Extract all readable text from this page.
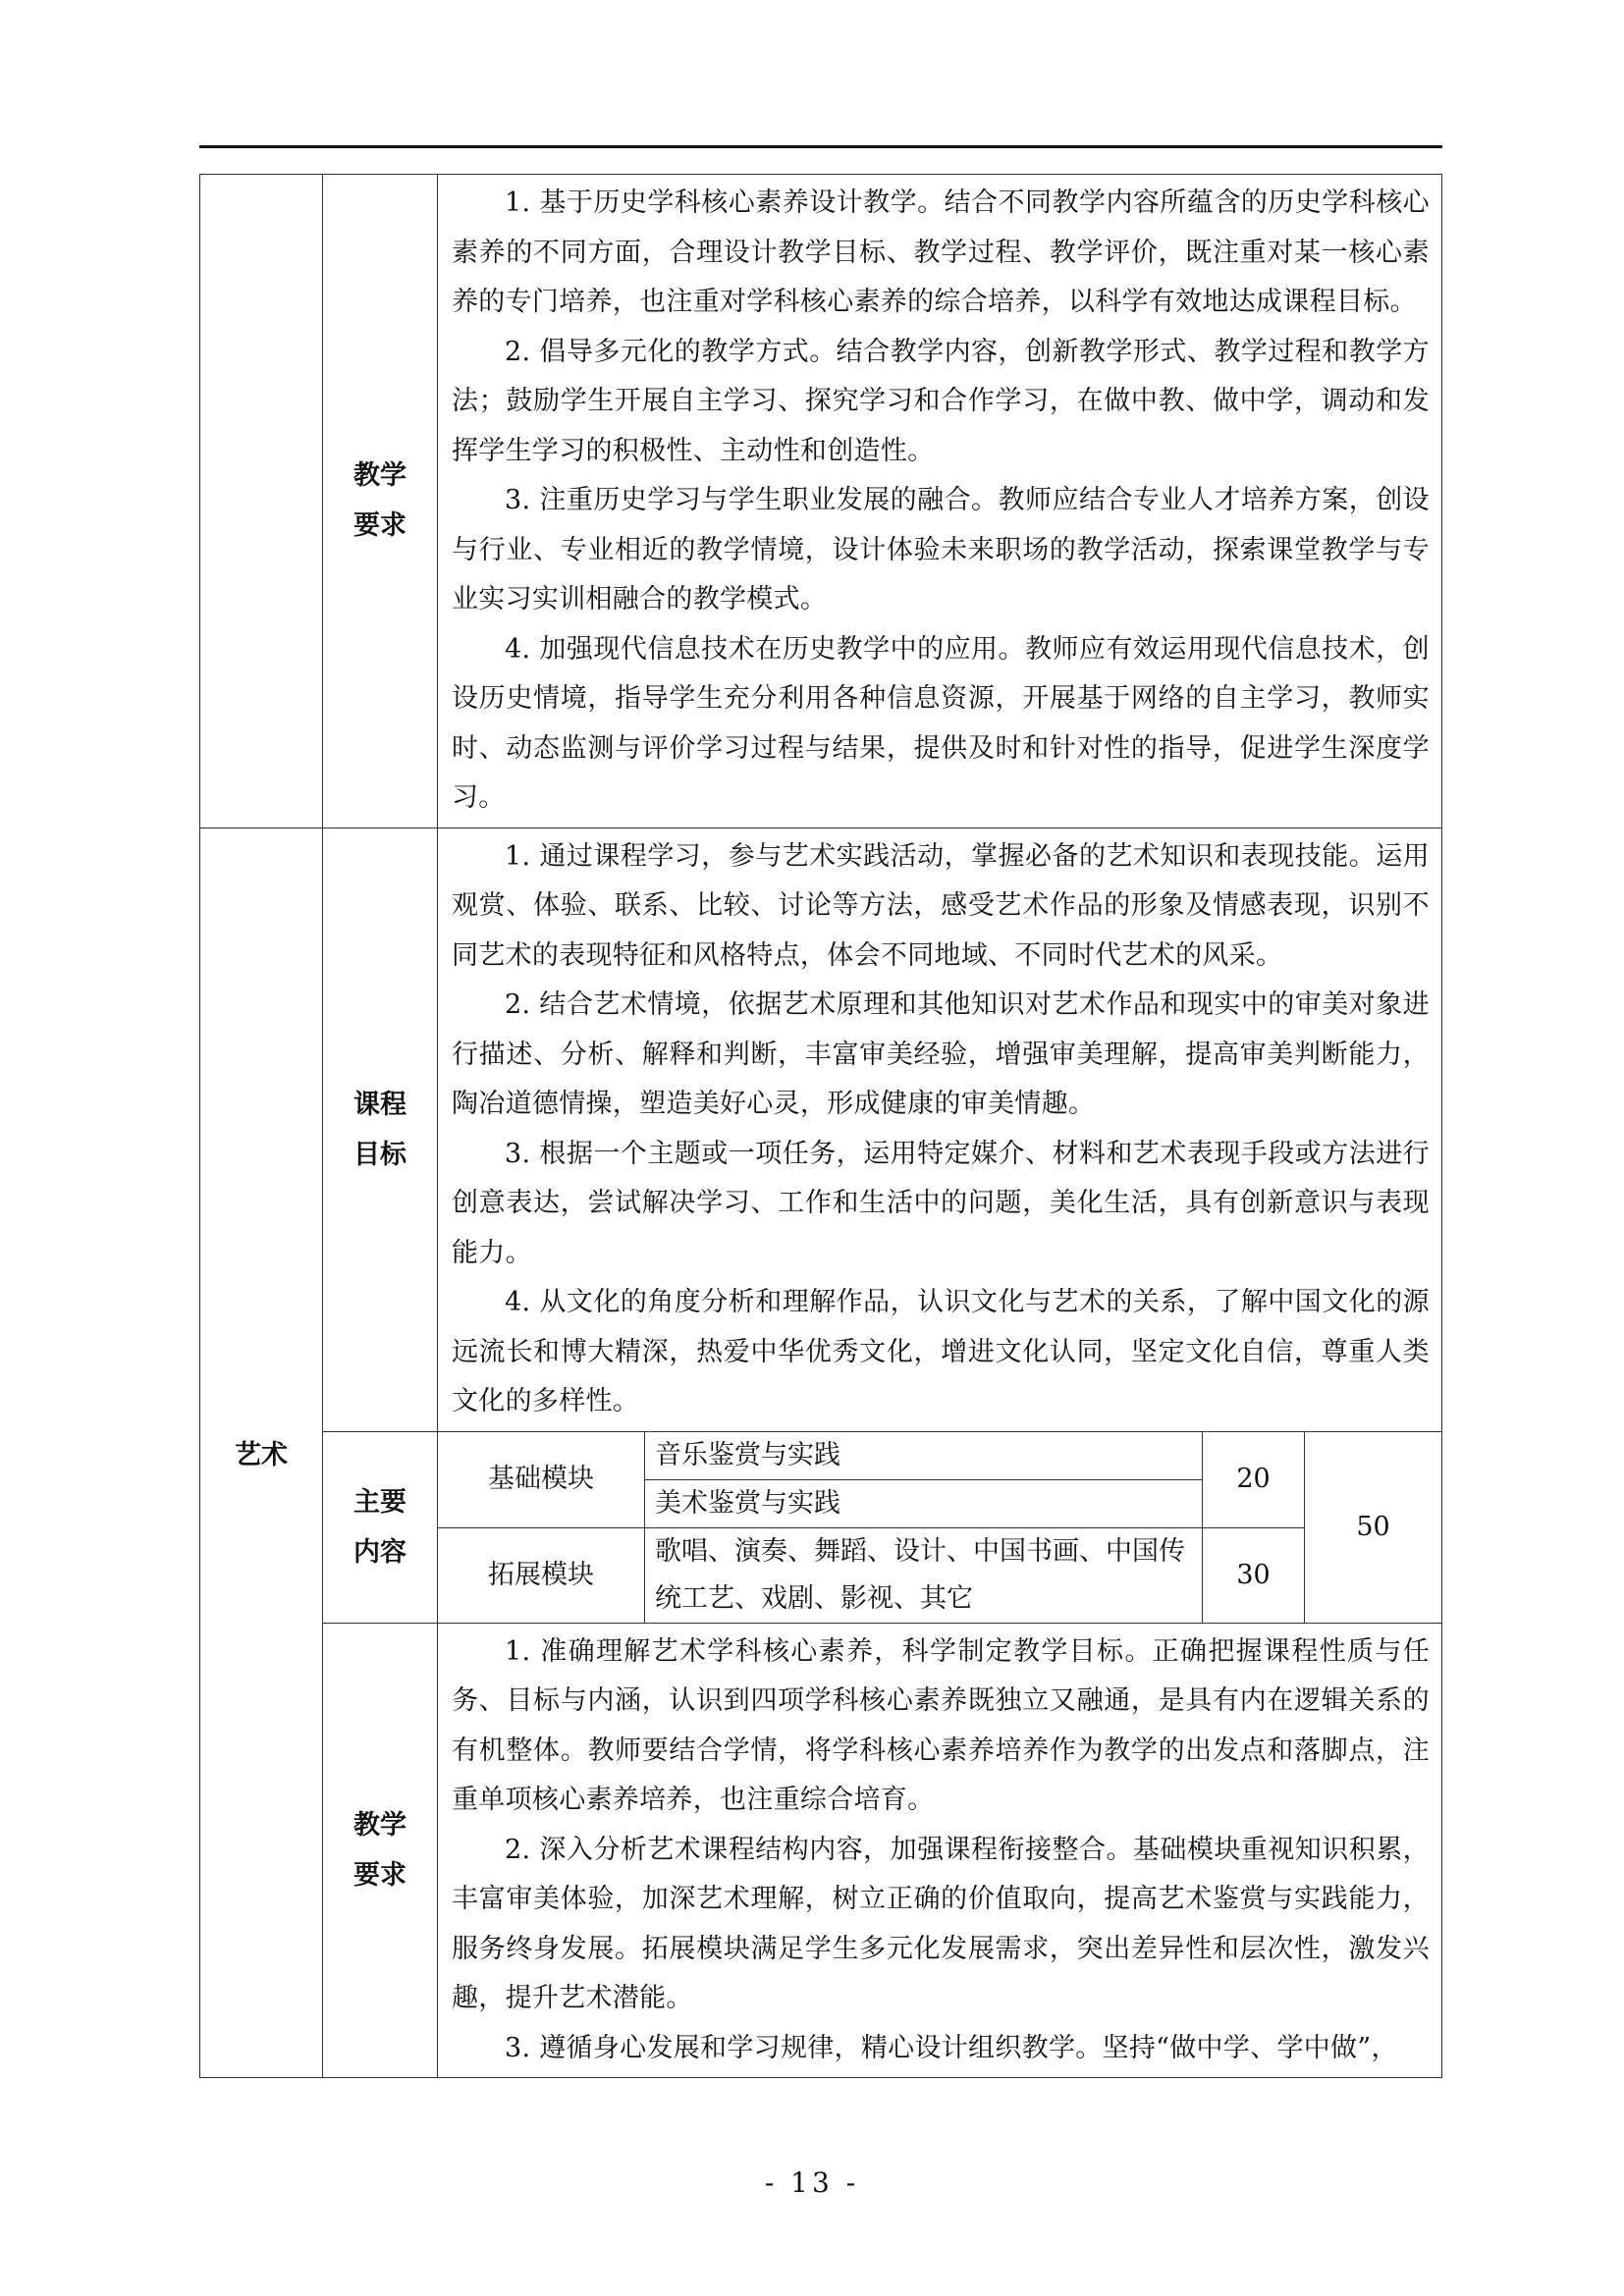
	教学
要求	

1. 基于历史学科核心素养设计教学。结合不同教学内容所蕴含的历史学科核心素养的不同方面，合理设计教学目标、教学过程、教学评价，既注重对某一核心素养的专门培养，也注重对学科核心素养的综合培养，以科学有效地达成课程目标。

2. 倡导多元化的教学方式。结合教学内容，创新教学形式、教学过程和教学方法；鼓励学生开展自主学习、探究学习和合作学习，在做中教、做中学，调动和发挥学生学习的积极性、主动性和创造性。

3. 注重历史学习与学生职业发展的融合。教师应结合专业人才培养方案，创设与行业、专业相近的教学情境，设计体验未来职场的教学活动，探索课堂教学与专业实习实训相融合的教学模式。

4. 加强现代信息技术在历史教学中的应用。教师应有效运用现代信息技术，创设历史情境，指导学生充分利用各种信息资源，开展基于网络的自主学习，教师实时、动态监测与评价学习过程与结果，提供及时和针对性的指导，促进学生深度学习。

艺术	课程
目标	

1. 通过课程学习，参与艺术实践活动，掌握必备的艺术知识和表现技能。运用观赏、体验、联系、比较、讨论等方法，感受艺术作品的形象及情感表现，识别不同艺术的表现特征和风格特点，体会不同地域、不同时代艺术的风采。

2. 结合艺术情境，依据艺术原理和其他知识对艺术作品和现实中的审美对象进行描述、分析、解释和判断，丰富审美经验，增强审美理解，提高审美判断能力，陶冶道德情操，塑造美好心灵，形成健康的审美情趣。

3. 根据一个主题或一项任务，运用特定媒介、材料和艺术表现手段或方法进行创意表达，尝试解决学习、工作和生活中的问题，美化生活，具有创新意识与表现能力。

4. 从文化的角度分析和理解作品，认识文化与艺术的关系，了解中国文化的源远流长和博大精深，热爱中华优秀文化，增进文化认同，坚定文化自信，尊重人类文化的多样性。

主要
内容	
基础模块	音乐鉴赏与实践	20	50
美术鉴赏与实践
拓展模块	歌唱、演奏、舞蹈、设计、中国书画、中国传统工艺、戏剧、影视、其它	30

教学
要求	

1. 准确理解艺术学科核心素养，科学制定教学目标。正确把握课程性质与任务、目标与内涵，认识到四项学科核心素养既独立又融通，是具有内在逻辑关系的有机整体。教师要结合学情，将学科核心素养培养作为教学的出发点和落脚点，注重单项核心素养培养，也注重综合培育。

2. 深入分析艺术课程结构内容，加强课程衔接整合。基础模块重视知识积累，丰富审美体验，加深艺术理解，树立正确的价值取向，提高艺术鉴赏与实践能力，服务终身发展。拓展模块满足学生多元化发展需求，突出差异性和层次性，激发兴趣，提升艺术潜能。

3. 遵循身心发展和学习规律，精心设计组织教学。坚持“做中学、学中做”，

- 13 -
